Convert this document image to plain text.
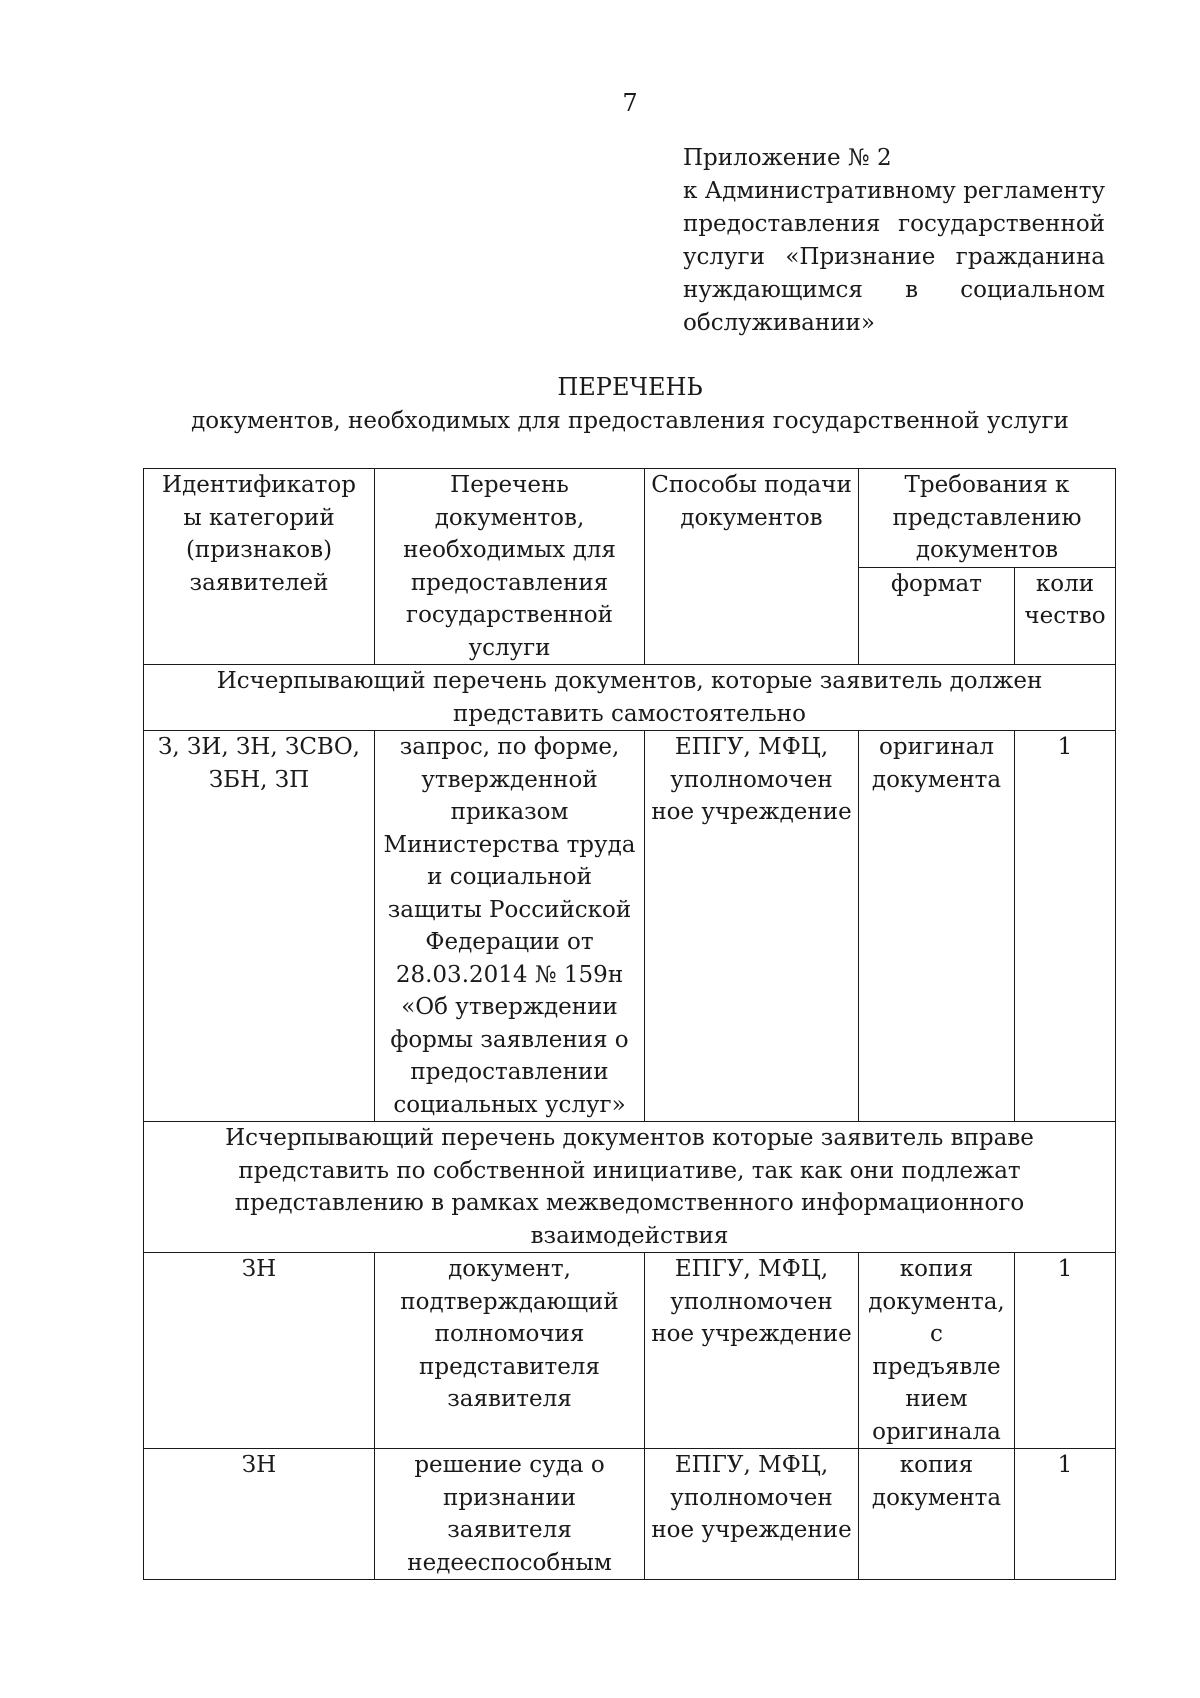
7
Приложение № 2
к Административному регламенту
предоставления государственной
услуги «Признание гражданина
нуждающимся в социальном
обслуживании»
ПЕРЕЧЕНЬ
документов, необходимых для предоставления государственной услуги
Идентификатор ы категорий (признаков) заявителей	Перечень документов, необходимых для предоставления государственной услуги	Способы подачи документов	Требования к представлению документов	
			формат	коли чество
Исчерпывающий перечень документов, которые заявитель должен представить самостоятельно				
З, ЗИ, ЗН, ЗСВО, ЗБН, ЗП	запрос, по форме, утвержденной приказом Министерства труда и социальной защиты Российской Федерации от 28.03.2014 № 159н «Об утверждении формы заявления о предоставлении социальных услуг»	ЕПГУ, МФЦ, уполномочен ное учреждение	оригинал документа	1
Исчерпывающий перечень документов которые заявитель вправе представить по собственной инициативе, так как они подлежат представлению в рамках межведомственного информационного взаимодействия				
ЗН	документ, подтверждающий полномочия представителя заявителя	ЕПГУ, МФЦ, уполномочен ное учреждение	копия документа, с предъявле нием оригинала	1
ЗН	решение суда о признании заявителя недееспособным	ЕПГУ, МФЦ, уполномочен ное учреждение	копия документа	1
